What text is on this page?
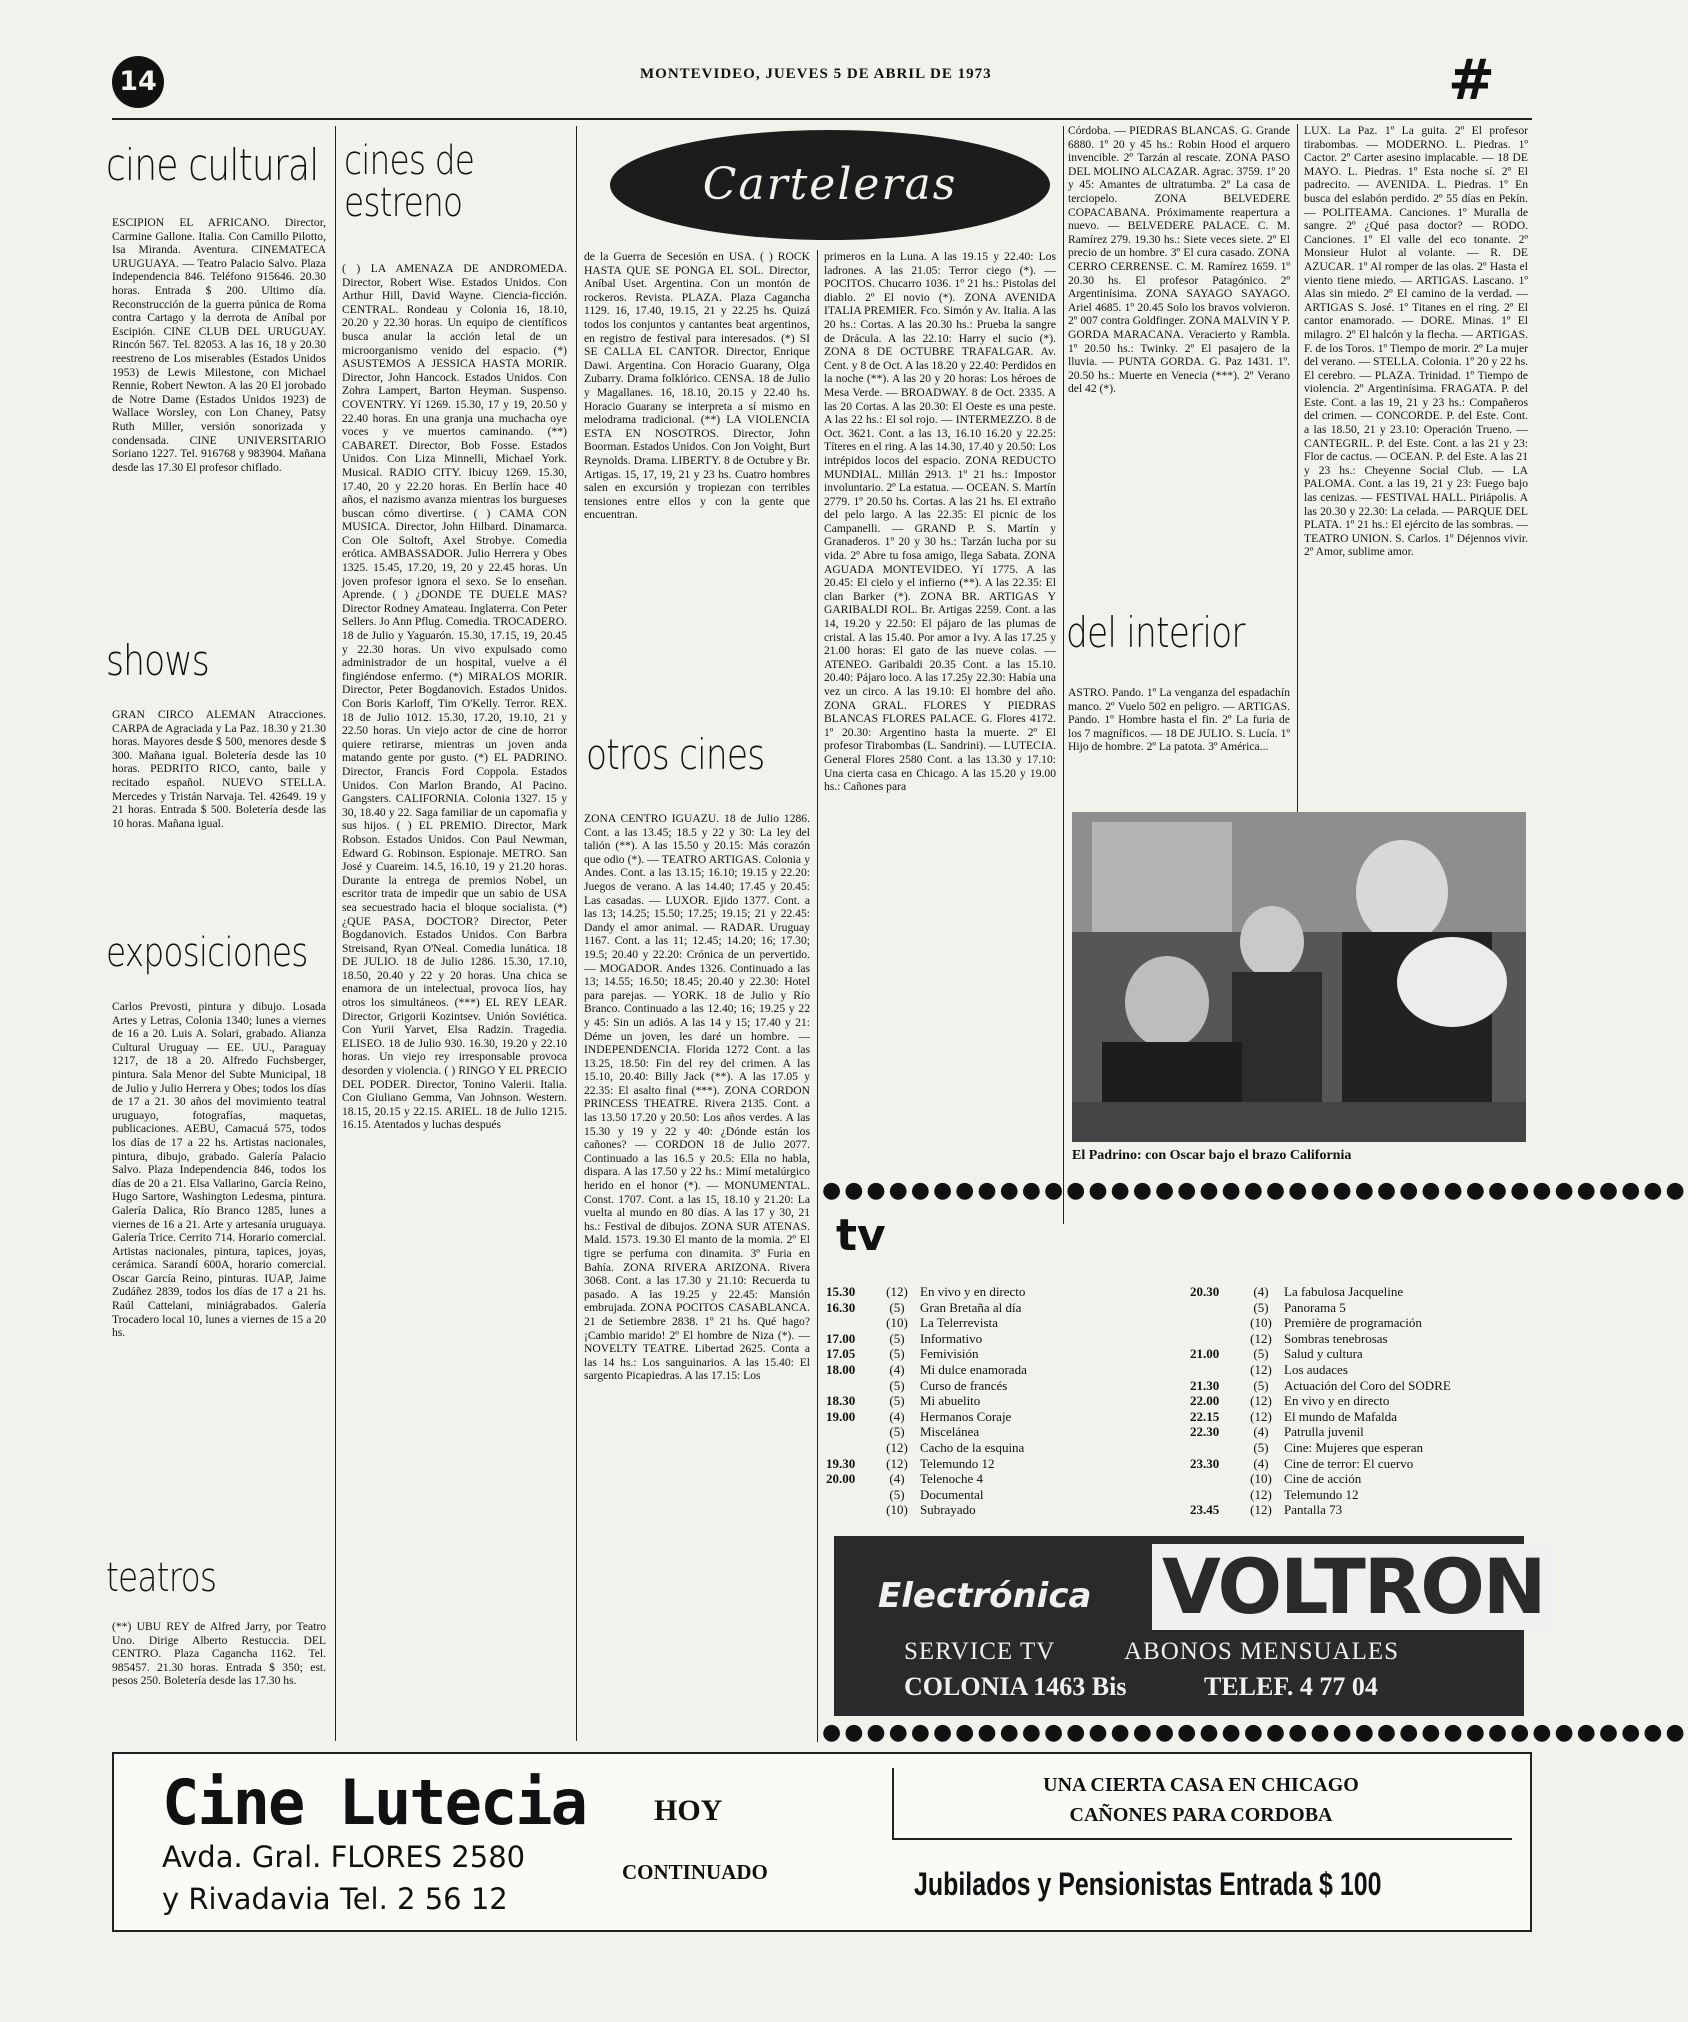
14	MONTEVIDEO, JUEVES 5 DE ABRIL DE 1973	#
cine cultural
ESCIPION EL AFRICANO. Director, Carmine Gallone. Italia. Con Camillo Pilotto, Isa Miranda. Aventura. CINEMATECA URUGUAYA. — Teatro Palacio Salvo. Plaza Independencia 846. Teléfono 915646. 20.30 horas. Entrada $ 200. Ultimo día. Reconstrucción de la guerra púnica de Roma contra Cartago y la derrota de Aníbal por Escipión. CINE CLUB DEL URUGUAY. Rincón 567. Tel. 82053. A las 16, 18 y 20.30 reestreno de Los miserables (Estados Unidos 1953) de Lewis Milestone, con Michael Rennie, Robert Newton. A las 20 El jorobado de Notre Dame (Estados Unidos 1923) de Wallace Worsley, con Lon Chaney, Patsy Ruth Miller, versión sonorizada y condensada. CINE UNIVERSITARIO Soriano 1227. Tel. 916768 y 983904. Mañana desde las 17.30 El profesor chiflado.
shows
GRAN CIRCO ALEMAN Atracciones. CARPA de Agraciada y La Paz. 18.30 y 21.30 horas. Mayores desde $ 500, menores desde $ 300. Mañana igual. Boletería desde las 10 horas. PEDRITO RICO, canto, baile y recitado español. NUEVO STELLA. Mercedes y Tristán Narvaja. Tel. 42649. 19 y 21 horas. Entrada $ 500. Boletería desde las 10 horas. Mañana igual.
exposiciones
Carlos Prevosti, pintura y dibujo. Losada Artes y Letras, Colonia 1340; lunes a viernes de 16 a 20. Luis A. Solari, grabado. Alianza Cultural Uruguay — EE. UU., Paraguay 1217, de 18 a 20. Alfredo Fuchsberger, pintura. Sala Menor del Subte Municipal, 18 de Julio y Julio Herrera y Obes; todos los días de 17 a 21. 30 años del movimiento teatral uruguayo, fotografías, maquetas, publicaciones. AEBU, Camacuá 575, todos los días de 17 a 22 hs. Artistas nacionales, pintura, dibujo, grabado. Galería Palacio Salvo. Plaza Independencia 846, todos los días de 20 a 21. Elsa Vallarino, García Reino, Hugo Sartore, Washington Ledesma, pintura. Galería Dalica, Río Branco 1285, lunes a viernes de 16 a 21. Arte y artesanía uruguaya. Galería Trice. Cerrito 714. Horario comercial. Artistas nacionales, pintura, tapices, joyas, cerámica. Sarandí 600A, horario comercial. Oscar García Reino, pinturas. IUAP, Jaime Zudáñez 2839, todos los días de 17 a 21 hs. Raúl Cattelani, miniágrabados. Galería Trocadero local 10, lunes a viernes de 15 a 20 hs.
teatros
(**) UBU REY de Alfred Jarry, por Teatro Uno. Dirige Alberto Restuccia. DEL CENTRO. Plaza Cagancha 1162. Tel. 985457. 21.30 horas. Entrada $ 350; est. pesos 250. Boletería desde las 17.30 hs.
cines de estreno
( ) LA AMENAZA DE ANDROMEDA. Director, Robert Wise. Estados Unidos. Con Arthur Hill, David Wayne. Ciencia-ficción. CENTRAL. Rondeau y Colonia 16, 18.10, 20.20 y 22.30 horas. Un equipo de científicos busca anular la acción letal de un microorganismo venido del espacio. (*) ASUSTEMOS A JESSICA HASTA MORIR. Director, John Hancock. Estados Unidos. Con Zohra Lampert, Barton Heyman. Suspenso. COVENTRY. Yí 1269. 15.30, 17 y 19, 20.50 y 22.40 horas. En una granja una muchacha oye voces y ve muertos caminando. (**) CABARET. Director, Bob Fosse. Estados Unidos. Con Liza Minnelli, Michael York. Musical. RADIO CITY. Ibicuy 1269. 15.30, 17.40, 20 y 22.20 horas. En Berlín hace 40 años, el nazismo avanza mientras los burgueses buscan cómo divertirse. ( ) CAMA CON MUSICA. Director, John Hilbard. Dinamarca. Con Ole Soltoft, Axel Strobye. Comedia erótica. AMBASSADOR. Julio Herrera y Obes 1325. 15.45, 17.20, 19, 20 y 22.45 horas. Un joven profesor ignora el sexo. Se lo enseñan. Aprende. ( ) ¿DONDE TE DUELE MAS? Director Rodney Amateau. Inglaterra. Con Peter Sellers. Jo Ann Pflug. Comedia. TROCADERO. 18 de Julio y Yaguarón. 15.30, 17.15, 19, 20.45 y 22.30 horas. Un vivo expulsado como administrador de un hospital, vuelve a él fingiéndose enfermo. (*) MIRALOS MORIR. Director, Peter Bogdanovich. Estados Unidos. Con Boris Karloff, Tim O'Kelly. Terror. REX. 18 de Julio 1012. 15.30, 17.20, 19.10, 21 y 22.50 horas. Un viejo actor de cine de horror quiere retirarse, mientras un joven anda matando gente por gusto. (*) EL PADRINO. Director, Francis Ford Coppola. Estados Unidos. Con Marlon Brando, Al Pacino. Gangsters. CALIFORNIA. Colonia 1327. 15 y 30, 18.40 y 22. Saga familiar de un capomafia y sus hijos. ( ) EL PREMIO. Director, Mark Robson. Estados Unidos. Con Paul Newman, Edward G. Robinson. Espionaje. METRO. San José y Cuareim. 14.5, 16.10, 19 y 21.20 horas. Durante la entrega de premios Nobel, un escritor trata de impedir que un sabio de USA sea secuestrado hacia el bloque socialista. (*) ¿QUE PASA, DOCTOR? Director, Peter Bogdanovich. Estados Unidos. Con Barbra Streisand, Ryan O'Neal. Comedia lunática. 18 DE JULIO. 18 de Julio 1286. 15.30, 17.10, 18.50, 20.40 y 22 y 20 horas. Una chica se enamora de un intelectual, provoca líos, hay otros los simultáneos. (***) EL REY LEAR. Director, Grigorii Kozintsev. Unión Soviética. Con Yurii Yarvet, Elsa Radzin. Tragedia. ELISEO. 18 de Julio 930. 16.30, 19.20 y 22.10 horas. Un viejo rey irresponsable provoca desorden y violencia. ( ) RINGO Y EL PRECIO DEL PODER. Director, Tonino Valerii. Italia. Con Giuliano Gemma, Van Johnson. Western. 18.15, 20.15 y 22.15. ARIEL. 18 de Julio 1215. 16.15. Atentados y luchas después
Carteleras
de la Guerra de Secesión en USA. ( ) ROCK HASTA QUE SE PONGA EL SOL. Director, Aníbal Uset. Argentina. Con un montón de rockeros. Revista. PLAZA. Plaza Cagancha 1129. 16, 17.40, 19.15, 21 y 22.25 hs. Quizá todos los conjuntos y cantantes beat argentinos, en registro de festival para interesados. (*) SI SE CALLA EL CANTOR. Director, Enrique Dawi. Argentina. Con Horacio Guarany, Olga Zubarry. Drama folklórico. CENSA. 18 de Julio y Magallanes. 16, 18.10, 20.15 y 22.40 hs. Horacio Guarany se interpreta a sí mismo en melodrama tradicional. (**) LA VIOLENCIA ESTA EN NOSOTROS. Director, John Boorman. Estados Unidos. Con Jon Voight, Burt Reynolds. Drama. LIBERTY. 8 de Octubre y Br. Artigas. 15, 17, 19, 21 y 23 hs. Cuatro hombres salen en excursión y tropiezan con terribles tensiones entre ellos y con la gente que encuentran.
otros cines
ZONA CENTRO IGUAZU. 18 de Julio 1286. Cont. a las 13.45; 18.5 y 22 y 30: La ley del talión (**). A las 15.50 y 20.15: Más corazón que odio (*). — TEATRO ARTIGAS. Colonia y Andes. Cont. a las 13.15; 16.10; 19.15 y 22.20: Juegos de verano. A las 14.40; 17.45 y 20.45: Las casadas. — LUXOR. Ejido 1377. Cont. a las 13; 14.25; 15.50; 17.25; 19.15; 21 y 22.45: Dandy el amor animal. — RADAR. Uruguay 1167. Cont. a las 11; 12.45; 14.20; 16; 17.30; 19.5; 20.40 y 22.20: Crónica de un pervertido. — MOGADOR. Andes 1326. Continuado a las 13; 14.55; 16.50; 18.45; 20.40 y 22.30: Hotel para parejas. — YORK. 18 de Julio y Río Branco. Continuado a las 12.40; 16; 19.25 y 22 y 45: Sin un adiós. A las 14 y 15; 17.40 y 21: Déme un joven, les daré un hombre. — INDEPENDENCIA. Florida 1272 Cont. a las 13.25, 18.50: Fin del rey del crimen. A las 15.10, 20.40: Billy Jack (**). A las 17.05 y 22.35: El asalto final (***). ZONA CORDON PRINCESS THEATRE. Rivera 2135. Cont. a las 13.50 17.20 y 20.50: Los años verdes. A las 15.30 y 19 y 22 y 40: ¿Dónde están los cañones? — CORDON 18 de Julio 2077. Continuado a las 16.5 y 20.5: Ella no habla, dispara. A las 17.50 y 22 hs.: Mimí metalúrgico herido en el honor (*). — MONUMENTAL. Const. 1707. Cont. a las 15, 18.10 y 21.20: La vuelta al mundo en 80 días. A las 17 y 30, 21 hs.: Festival de dibujos. ZONA SUR ATENAS. Mald. 1573. 19.30 El manto de la momia. 2º El tigre se perfuma con dinamita. 3º Furia en Bahía. ZONA RIVERA ARIZONA. Rivera 3068. Cont. a las 17.30 y 21.10: Recuerda tu pasado. A las 19.25 y 22.45: Mansión embrujada. ZONA POCITOS CASABLANCA. 21 de Setiembre 2838. 1º 21 hs. Qué hago? ¡Cambio marido! 2º El hombre de Niza (*). — NOVELTY TEATRE. Libertad 2625. Conta a las 14 hs.: Los sanguinarios. A las 15.40: El sargento Picapiedras. A las 17.15: Los
primeros en la Luna. A las 19.15 y 22.40: Los ladrones. A las 21.05: Terror ciego (*). — POCITOS. Chucarro 1036. 1º 21 hs.: Pistolas del diablo. 2º El novio (*). ZONA AVENIDA ITALIA PREMIER. Fco. Simón y Av. Italia. A las 20 hs.: Cortas. A las 20.30 hs.: Prueba la sangre de Drácula. A las 22.10: Harry el sucio (*). ZONA 8 DE OCTUBRE TRAFALGAR. Av. Cent. y 8 de Oct. A las 18.20 y 22.40: Perdidos en la noche (**). A las 20 y 20 horas: Los héroes de Mesa Verde. — BROADWAY. 8 de Oct. 2335. A las 20 Cortas. A las 20.30: El Oeste es una peste. A las 22 hs.: El sol rojo. — INTERMEZZO. 8 de Oct. 3621. Cont. a las 13, 16.10 16.20 y 22.25: Títeres en el ring. A las 14.30, 17.40 y 20.50: Los intrépidos locos del espacio. ZONA REDUCTO MUNDIAL. Millán 2913. 1º 21 hs.: Impostor involuntario. 2º La estatua. — OCEAN. S. Martín 2779. 1º 20.50 hs. Cortas. A las 21 hs. El extraño del pelo largo. A las 22.35: El picnic de los Campanelli. — GRAND P. S. Martín y Granaderos. 1º 20 y 30 hs.: Tarzán lucha por su vida. 2º Abre tu fosa amigo, llega Sabata. ZONA AGUADA MONTEVIDEO. Yí 1775. A las 20.45: El cielo y el infierno (**). A las 22.35: El clan Barker (*). ZONA BR. ARTIGAS Y GARIBALDI ROL. Br. Artigas 2259. Cont. a las 14, 19.20 y 22.50: El pájaro de las plumas de cristal. A las 15.40. Por amor a Ivy. A las 17.25 y 21.00 horas: El gato de las nueve colas. — ATENEO. Garibaldi 20.35 Cont. a las 15.10. 20.40: Pájaro loco. A las 17.25y 22.30: Había una vez un circo. A las 19.10: El hombre del año. ZONA GRAL. FLORES Y PIEDRAS BLANCAS FLORES PALACE. G. Flores 4172. 1º 20.30: Argentino hasta la muerte. 2º El profesor Tirabombas (L. Sandrini). — LUTECIA. General Flores 2580 Cont. a las 13.30 y 17.10: Una cierta casa en Chicago. A las 15.20 y 19.00 hs.: Cañones para
Córdoba. — PIEDRAS BLANCAS. G. Grande 6880. 1º 20 y 45 hs.: Robin Hood el arquero invencible. 2º Tarzán al rescate. ZONA PASO DEL MOLINO ALCAZAR. Agrac. 3759. 1º 20 y 45: Amantes de ultratumba. 2º La casa de terciopelo. ZONA BELVEDERE COPACABANA. Próximamente reapertura a nuevo. — BELVEDERE PALACE. C. M. Ramírez 279. 19.30 hs.: Siete veces siete. 2º El precio de un hombre. 3º El cura casado. ZONA CERRO CERRENSE. C. M. Ramírez 1659. 1º 20.30 hs. El profesor Patagónico. 2º Argentinísima. ZONA SAYAGO SAYAGO. Ariel 4685. 1º 20.45 Solo los bravos volvieron. 2º 007 contra Goldfinger. ZONA MALVIN Y P. GORDA MARACANA. Veracierto y Rambla. 1º 20.50 hs.: Twinky. 2º El pasajero de la lluvia. — PUNTA GORDA. G. Paz 1431. 1º. 20.50 hs.: Muerte en Venecia (***). 2º Verano del 42 (*).
del interior
ASTRO. Pando. 1º La venganza del espadachín manco. 2º Vuelo 502 en peligro. — ARTIGAS. Pando. 1º Hombre hasta el fin. 2º La furia de los 7 magníficos. — 18 DE JULIO. S. Lucía. 1º Hijo de hombre. 2º La patota. 3º América...
LUX. La Paz. 1º La guita. 2º El profesor tirabombas. — MODERNO. L. Piedras. 1º Cactor. 2º Carter asesino implacable. — 18 DE MAYO. L. Piedras. 1º Esta noche sí. 2º El padrecito. — AVENIDA. L. Piedras. 1º En busca del eslabón perdido. 2º 55 días en Pekín. — POLITEAMA. Canciones. 1º Muralla de sangre. 2º ¿Qué pasa doctor? — RODO. Canciones. 1º El valle del eco tonante. 2º Monsieur Hulot al volante. — R. DE AZUCAR. 1º Al romper de las olas. 2º Hasta el viento tiene miedo. — ARTIGAS. Lascano. 1º Alas sin miedo. 2º El camino de la verdad. — ARTIGAS S. José. 1º Titanes en el ring. 2º El cantor enamorado. — DORE. Minas. 1º El milagro. 2º El halcón y la flecha. — ARTIGAS. F. de los Toros. 1º Tiempo de morir. 2º La mujer del verano. — STELLA. Colonia. 1º 20 y 22 hs. El cerebro. — PLAZA. Trinidad. 1º Tiempo de violencia. 2º Argentinísima. FRAGATA. P. del Este. Cont. a las 19, 21 y 23 hs.: Compañeros del crimen. — CONCORDE. P. del Este. Cont. a las 18.50, 21 y 23.10: Operación Trueno. — CANTEGRIL. P. del Este. Cont. a las 21 y 23: Flor de cactus. — OCEAN. P. del Este. A las 21 y 23 hs.: Cheyenne Social Club. — LA PALOMA. Cont. a las 19, 21 y 23: Fuego bajo las cenizas. — FESTIVAL HALL. Piriápolis. A las 20.30 y 22.30: La celada. — PARQUE DEL PLATA. 1º 21 hs.: El ejército de las sombras. — TEATRO UNION. S. Carlos. 1º Déjennos vivir. 2º Amor, sublime amor.
El Padrino: con Oscar bajo el brazo California
●●●●●●●●●●●●●●●●●●●●●●●●●●●●●●●●●●●●●●●
tv
15.30	(12) En vivo y en directo
16.30	(5)	Gran Bretaña al día
(10) La Telerrevista
17.00	(5)	Informativo
17.05	(5)	Femivisión
18.00	(4)	Mi dulce enamorada
(5)	Curso de francés
18.30	(5)	Mi abuelito
19.00	(4)	Hermanos Coraje
(5)	Miscelánea
(12) Cacho de la esquina
19.30	(12) Telemundo 12
20.00	(4)	Telenoche 4
(5)	Documental
(10) Subrayado
20.30	(4)	La fabulosa Jacqueline
(5)	Panorama 5
(10) Première de programación
(12) Sombras tenebrosas
21.00	(5)	Salud y cultura
(12) Los audaces
21.30	(5)	Actuación del Coro del SODRE
22.00	(12) En vivo y en directo
22.15	(12) El mundo de Mafalda
22.30	(4)	Patrulla juvenil
(5)	Cine: Mujeres que esperan
23.30	(4)	Cine de terror: El cuervo
(10) Cine de acción
(12) Telemundo 12
23.45	(12) Pantalla 73
Electrónica VOLTRON
SERVICE TV	ABONOS MENSUALES
COLONIA 1463 Bis	TELEF. 4 77 04
●●●●●●●●●●●●●●●●●●●●●●●●●●●●●●●●●●●●●●●
Cine Lutecia
Avda. Gral. FLORES 2580
y Rivadavia Tel. 2 56 12
HOY
CONTINUADO
UNA CIERTA CASA EN CHICAGO
CAÑONES PARA CORDOBA
Jubilados y Pensionistas Entrada $ 100
